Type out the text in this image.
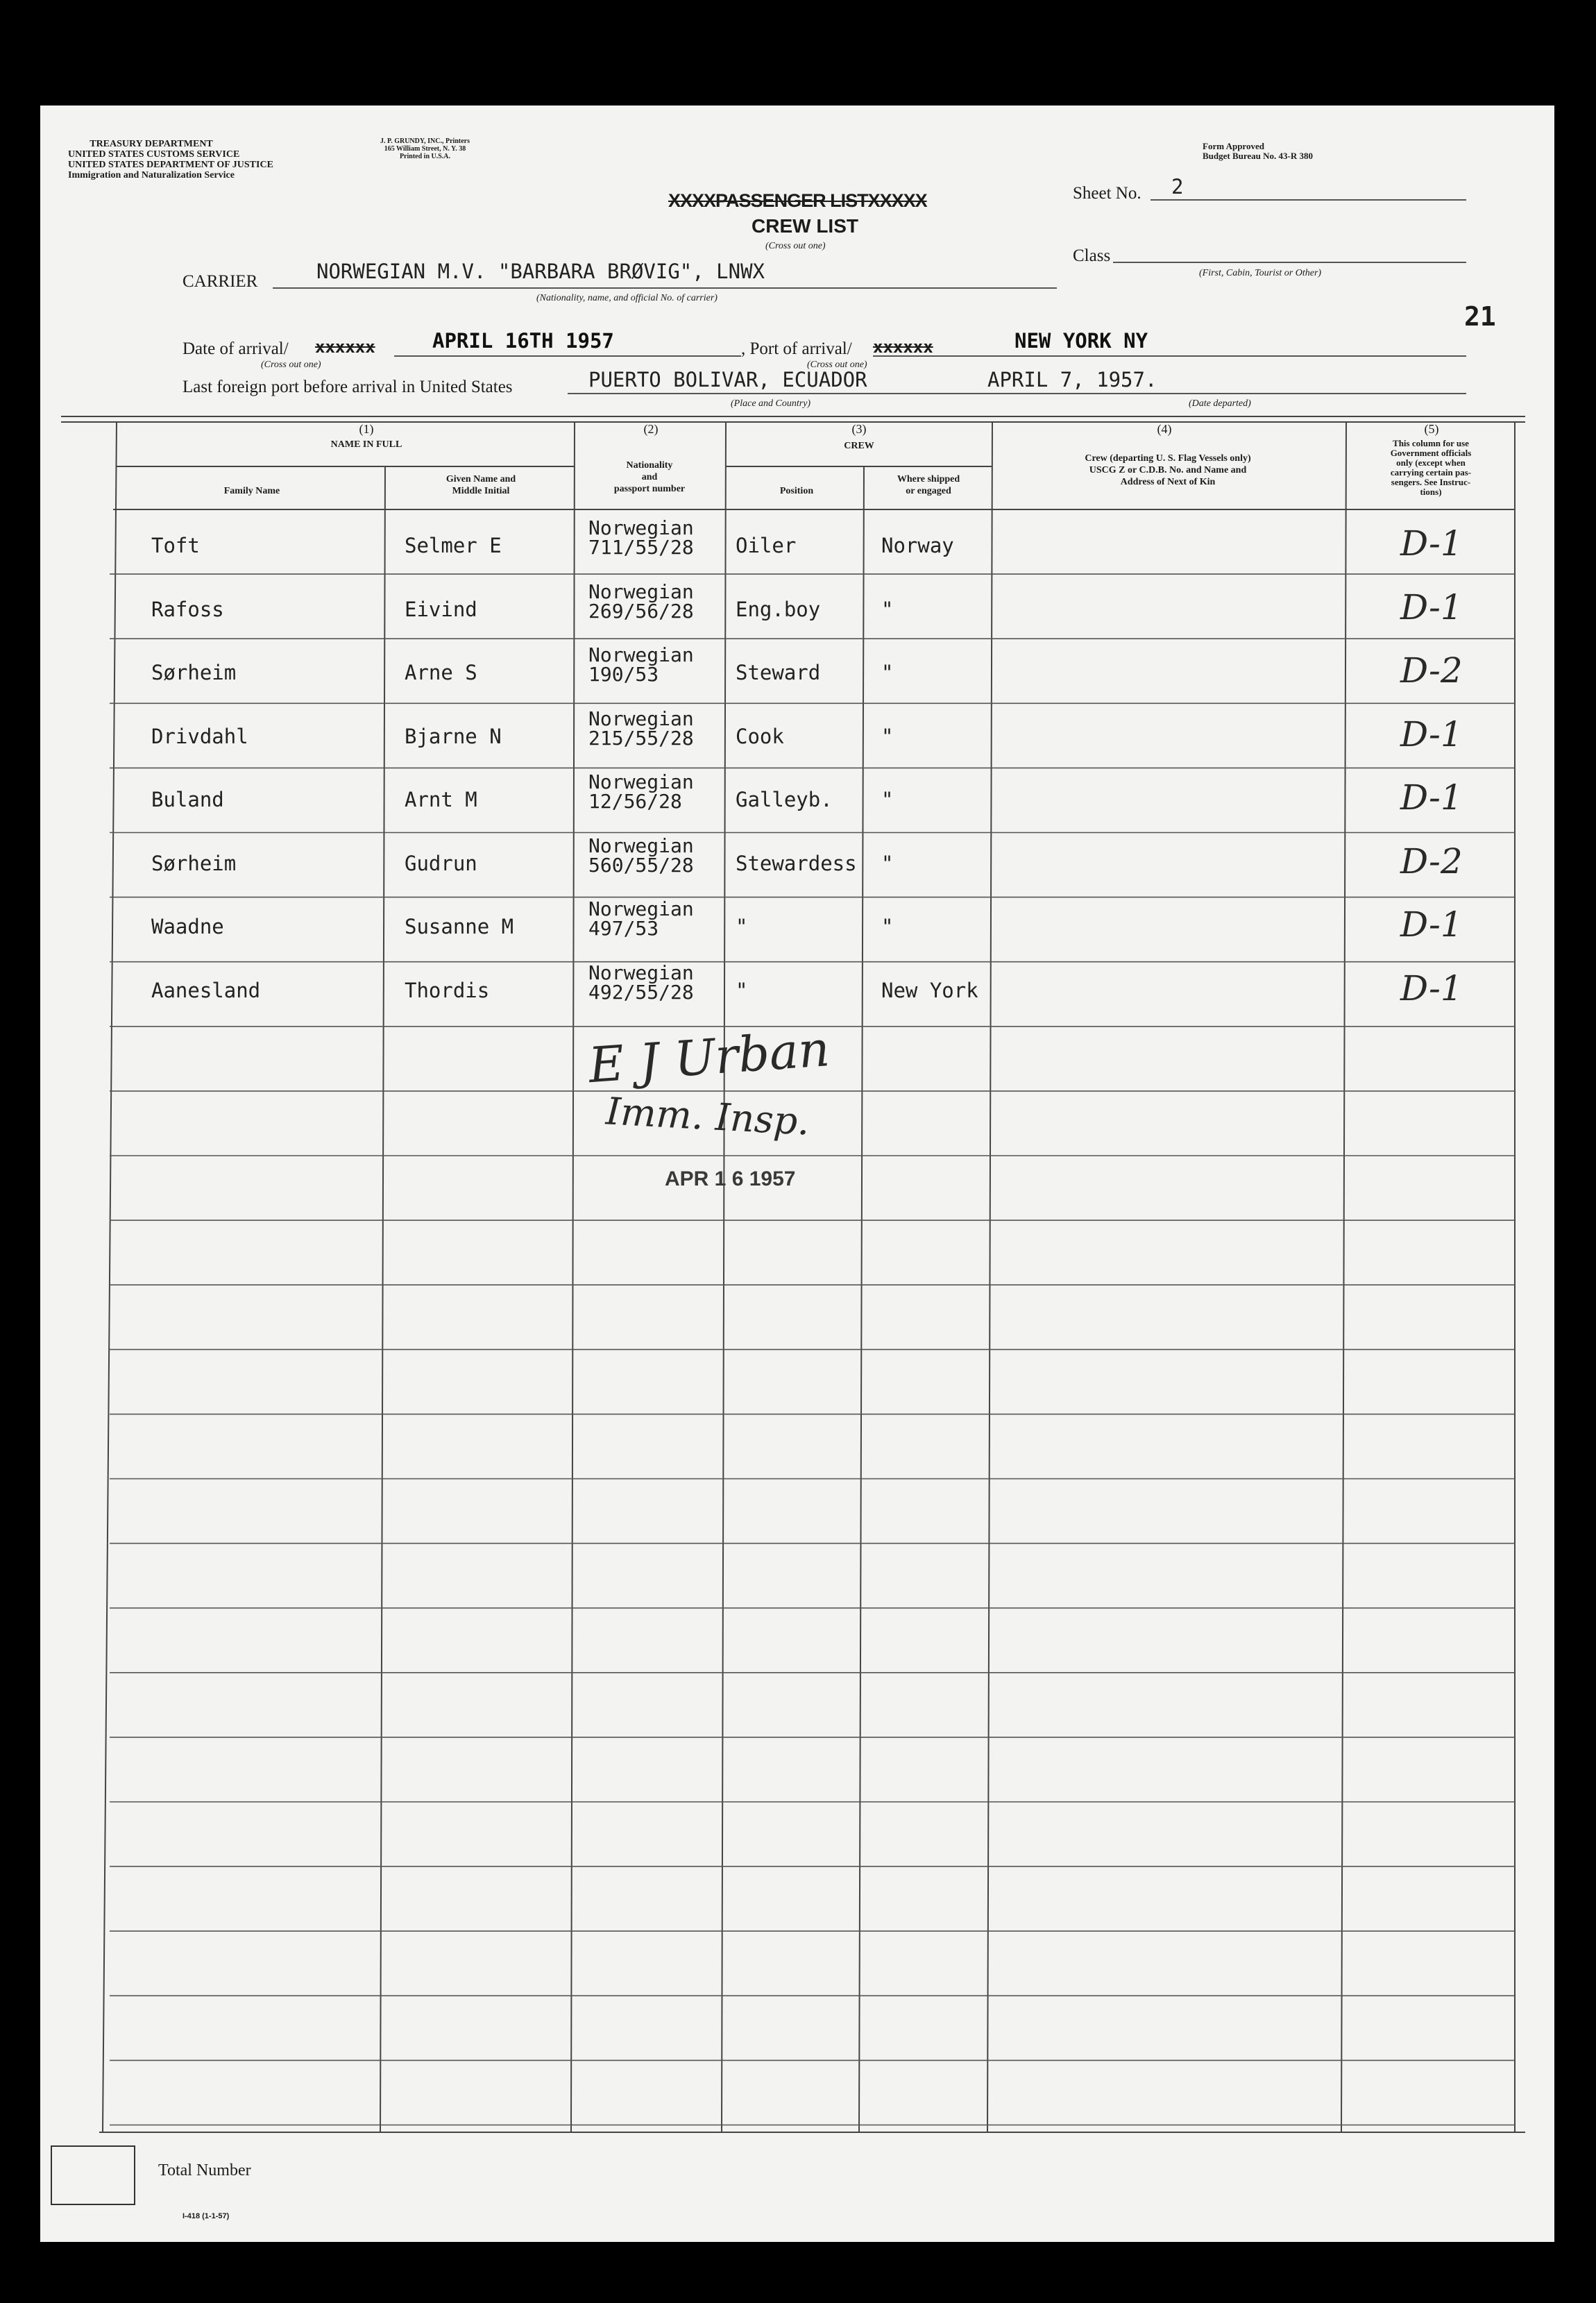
TREASURY DEPARTMENT
UNITED STATES CUSTOMS SERVICE
UNITED STATES DEPARTMENT OF JUSTICE
Immigration and Naturalization Service
J. P. GRUNDY, INC., Printers
165 William Street, N. Y. 38
Printed in U.S.A.
Form Approved
Budget Bureau No. 43-R 380
XXXXPASSENGER LISTXXXXX
CREW LIST
(Cross out one)
Sheet No. 2
Class
(First, Cabin, Tourist or Other)
CARRIER	NORWEGIAN M.V. "BARBARA BRØVIG", LNWX
(Nationality, name, and official No. of carrier)
21
Date of arrival/ xxxxxx
(Cross out one)
APRIL 16TH 1957	, Port of arrival/ xxxxxx
(Cross out one)
NEW YORK NY
Last foreign port before arrival in United States	PUERTO BOLIVAR, ECUADOR
(Place and Country)
APRIL 7, 1957.
(Date departed)
(1)
NAME IN FULL
Family Name
Given Name and
Middle Initial
(2)
Nationality
and
passport number
(3)
CREW
Position
Where shipped
or engaged
(4)
Crew (departing U. S. Flag Vessels only)
USCG Z or C.D.B. No. and Name and
Address of Next of Kin
(5)
This column for use
Government officials
only (except when
carrying certain pas-
sengers. See Instruc-
tions)
Toft	Selmer E
Norwegian
711/55/28 Oiler	Norway	D-1
Rafoss	Eivind
Norwegian
269/56/28 Eng.boy	"	D-1
Sørheim	Arne S
Norwegian
190/53	Steward	"	D-2
Drivdahl	Bjarne N
Norwegian
215/55/28 Cook	"	D-1
Buland	Arnt M
Norwegian
12/56/28	Galleyb. "	D-1
Sørheim	Gudrun
Norwegian
560/55/28 Stewardess "	D-2
Waadne	Susanne M
Norwegian
497/53	"	"	D-1
Aanesland	Thordis
Norwegian
492/55/28 "	New York	D-1
E J Urban
Imm. Insp.
APR 1 6 1957
Total Number
I-418 (1-1-57)
